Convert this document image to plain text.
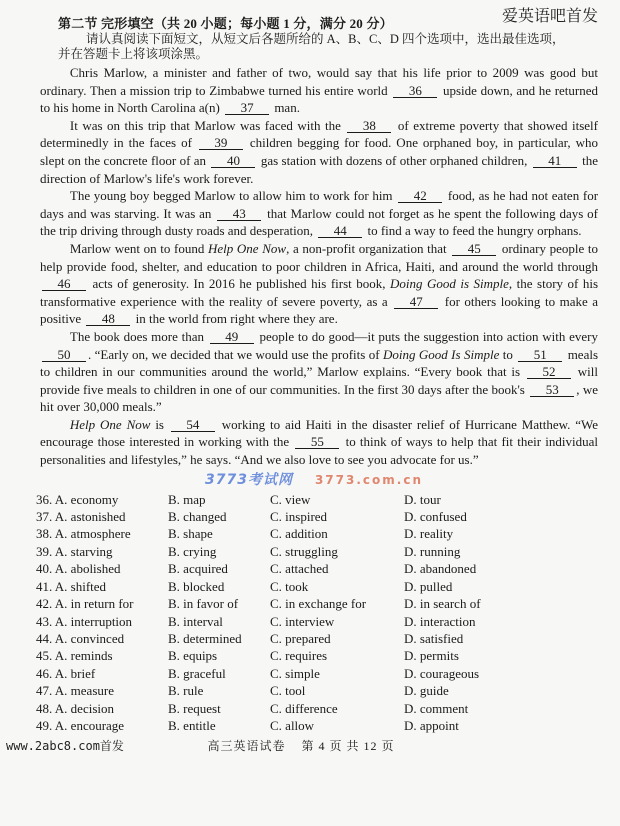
第二节 完形填空（共 20 小题；每小题 1 分，满分 20 分）	爱英语吧首发
请认真阅读下面短文，从短文后各题所给的 A、B、C、D 四个选项中，选出最佳选项，
并在答题卡上将该项涂黑。

Chris Marlow, a minister and father of two, would say that his life prior to 2009 was good but ordinary. Then a mission trip to Zimbabwe turned his entire world 36 upside down, and he returned to his home in North Carolina a(n) 37 man.

It was on this trip that Marlow was faced with the 38 of extreme poverty that showed itself determinedly in the faces of 39 children begging for food. One orphaned boy, in particular, who slept on the concrete floor of an 40 gas station with dozens of other orphaned children, 41 the direction of Marlow's life's work forever.

The young boy begged Marlow to allow him to work for him 42 food, as he had not eaten for days and was starving. It was an 43 that Marlow could not forget as he spent the following days of the trip driving through dusty roads and desperation, 44 to find a way to feed the hungry orphans.

Marlow went on to found Help One Now, a non-profit organization that 45 ordinary people to help provide food, shelter, and education to poor children in Africa, Haiti, and around the world through 46 acts of generosity. In 2016 he published his first book, Doing Good is Simple, the story of his transformative experience with the reality of severe poverty, as a 47 for others looking to make a positive 48 in the world from right where they are.

The book does more than 49 people to do good—it puts the suggestion into action with every 50 . “Early on, we decided that we would use the profits of Doing Good Is Simple to 51 meals to children in our communities around the world,” Marlow explains. “Every book that is 52 will provide five meals to children in one of our communities. In the first 30 days after the book's 53 , we hit over 30,000 meals.”

Help One Now is 54 working to aid Haiti in the disaster relief of Hurricane Matthew. “We encourage those interested in working with the 55 to think of ways to help that fit their individual personalities and lifestyles,” he says. “And we also love to see you advocate for us.”

3773考试网 3773.com.cn
36. A. economy	B. map	C. view	D. tour
37. A. astonished	B. changed	C. inspired	D. confused
38. A. atmosphere	B. shape	C. addition	D. reality
39. A. starving	B. crying	C. struggling	D. running
40. A. abolished	B. acquired	C. attached	D. abandoned
41. A. shifted	B. blocked	C. took	D. pulled
42. A. in return for	B. in favor of	C. in exchange for	D. in search of
43. A. interruption	B. interval	C. interview	D. interaction
44. A. convinced	B. determined	C. prepared	D. satisfied
45. A. reminds	B. equips	C. requires	D. permits
46. A. brief	B. graceful	C. simple	D. courageous
47. A. measure	B. rule	C. tool	D. guide
48. A. decision	B. request	C. difference	D. comment
49. A. encourage	B. entitle	C. allow	D. appoint
www.2abc8.com首发	高三英语试卷 第 4 页 共 12 页
